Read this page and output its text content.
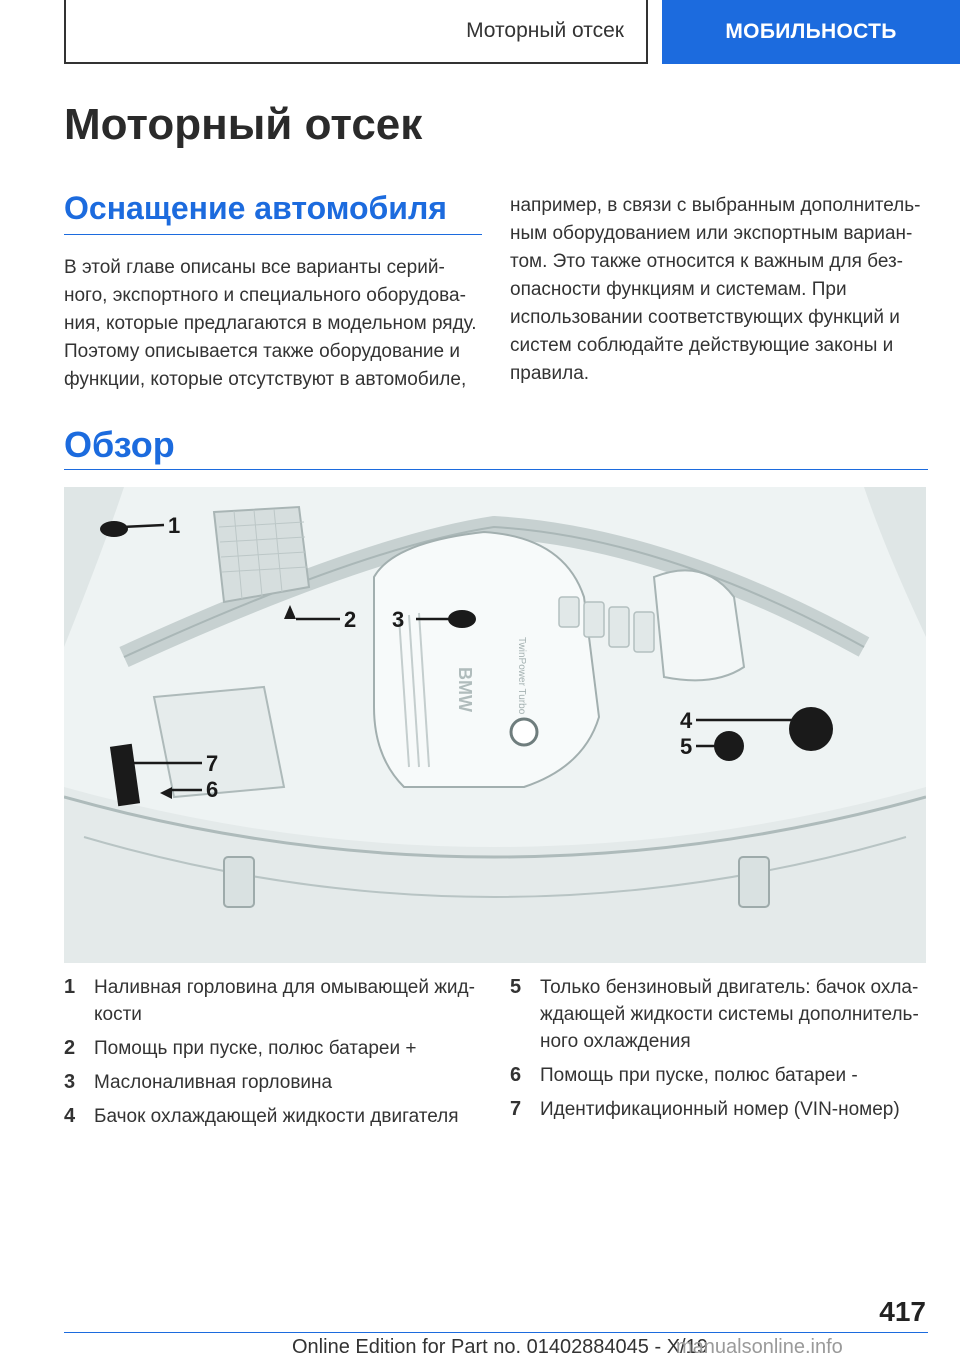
Моторный отсек	МОБИЛЬНОСТЬ
Моторный отсек
Оснащение автомобиля

В этой главе описаны все варианты серий-ного, экспортного и специального оборудова-ния, которые предлагаются в модельном ряду. Поэтому описывается также оборудование и функции, которые отсутствуют в автомобиле,

например, в связи с выбранным дополнитель-ным оборудованием или экспортным вариан-том. Это также относится к важным для без-опасности функциям и системам. При использовании соответствующих функций и систем соблюдайте действующие законы и правила.

Обзор
BMW	TwinPower Turbo
1
2 3
4
5
6
7
1 Наливная горловина для омывающей жид-кости
2 Помощь при пуске, полюс батареи +
3 Маслоналивная горловина
4 Бачок охлаждающей жидкости двигателя
5 Только бензиновый двигатель: бачок охла-ждающей жидкости системы дополнитель-ного охлаждения
6 Помощь при пуске, полюс батареи -
7 Идентификационный номер (VIN-номер)
417
Online Edition for Part no. 01402884045 - X/19
manualsonline.info
